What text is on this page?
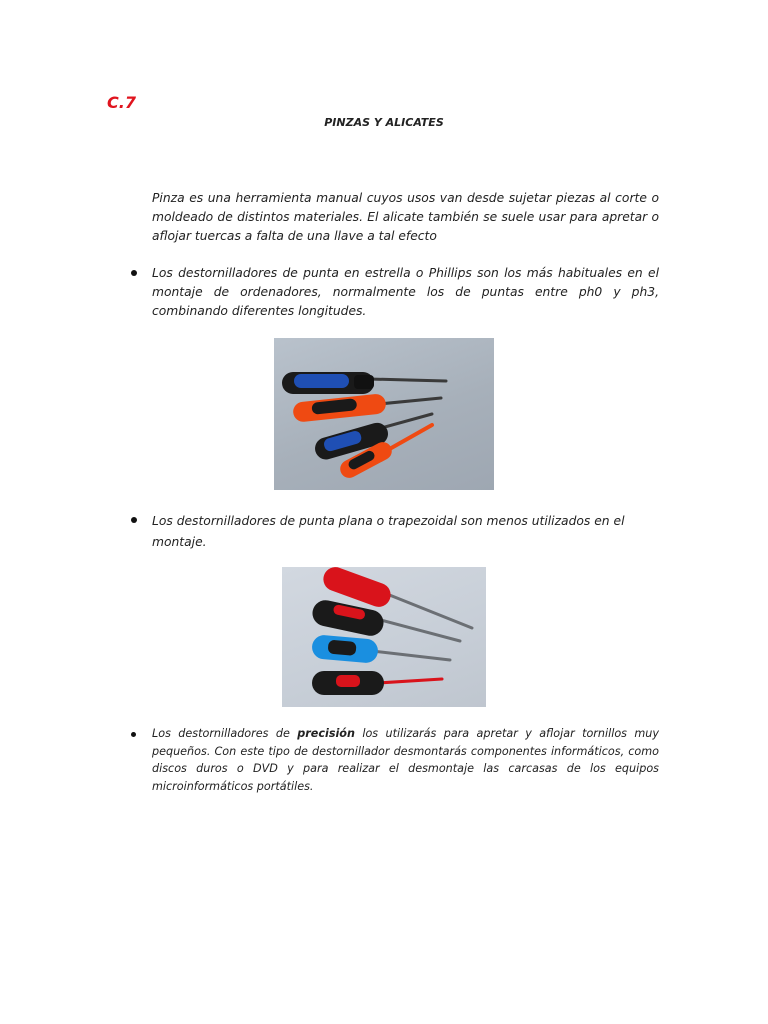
C.7
PINZAS Y ALICATES
Pinza es una herramienta manual cuyos usos van desde sujetar piezas al corte o moldeado de distintos materiales. El alicate también se suele usar para apretar o aflojar tuercas a falta de una llave a tal efecto
Los destornilladores de punta en estrella o Phillips son los más habituales en el montaje de ordenadores, normalmente los de puntas entre ph0 y ph3, combinando diferentes longitudes.
Los destornilladores de punta plana o trapezoidal son menos utilizados en el montaje.
Los destornilladores de precisión los utilizarás para apretar y aflojar tornillos muy pequeños. Con este tipo de destornillador desmontarás componentes informáticos, como discos duros o DVD y para realizar el desmontaje las carcasas de los equipos microinformáticos portátiles.
